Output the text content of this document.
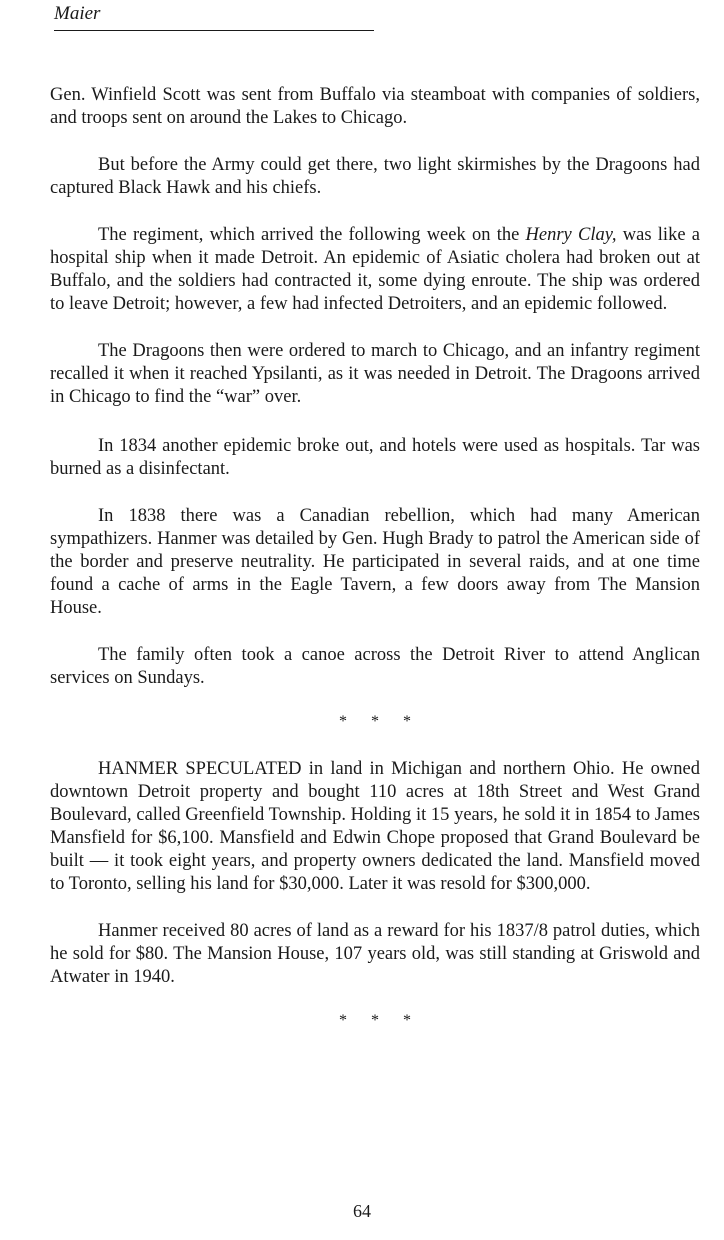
Maier

Gen. Winfield Scott was sent from Buffalo via steamboat with companies of soldiers, and troops sent on around the Lakes to Chicago.

But before the Army could get there, two light skirmishes by the Dragoons had captured Black Hawk and his chiefs.

The regiment, which arrived the following week on the Henry Clay, was like a hospital ship when it made Detroit. An epidemic of Asiatic cholera had broken out at Buffalo, and the soldiers had contracted it, some dying enroute. The ship was ordered to leave Detroit; however, a few had infected Detroiters, and an epidemic followed.

The Dragoons then were ordered to march to Chicago, and an infantry regiment recalled it when it reached Ypsilanti, as it was needed in Detroit. The Dragoons arrived in Chicago to find the “war” over.

In 1834 another epidemic broke out, and hotels were used as hospitals. Tar was burned as a disinfectant.

In 1838 there was a Canadian rebellion, which had many American sympathizers. Hanmer was detailed by Gen. Hugh Brady to patrol the American side of the border and preserve neutrality. He participated in several raids, and at one time found a cache of arms in the Eagle Tavern, a few doors away from The Mansion House.

The family often took a canoe across the Detroit River to attend Anglican services on Sundays.

* * *

HANMER SPECULATED in land in Michigan and northern Ohio. He owned downtown Detroit property and bought 110 acres at 18th Street and West Grand Boulevard, called Greenfield Township. Holding it 15 years, he sold it in 1854 to James Mansfield for $6,100. Mansfield and Edwin Chope proposed that Grand Boulevard be built — it took eight years, and property owners dedicated the land. Mansfield moved to Toronto, selling his land for $30,000. Later it was resold for $300,000.

Hanmer received 80 acres of land as a reward for his 1837/8 patrol duties, which he sold for $80. The Mansion House, 107 years old, was still standing at Griswold and Atwater in 1940.

* * *
64
